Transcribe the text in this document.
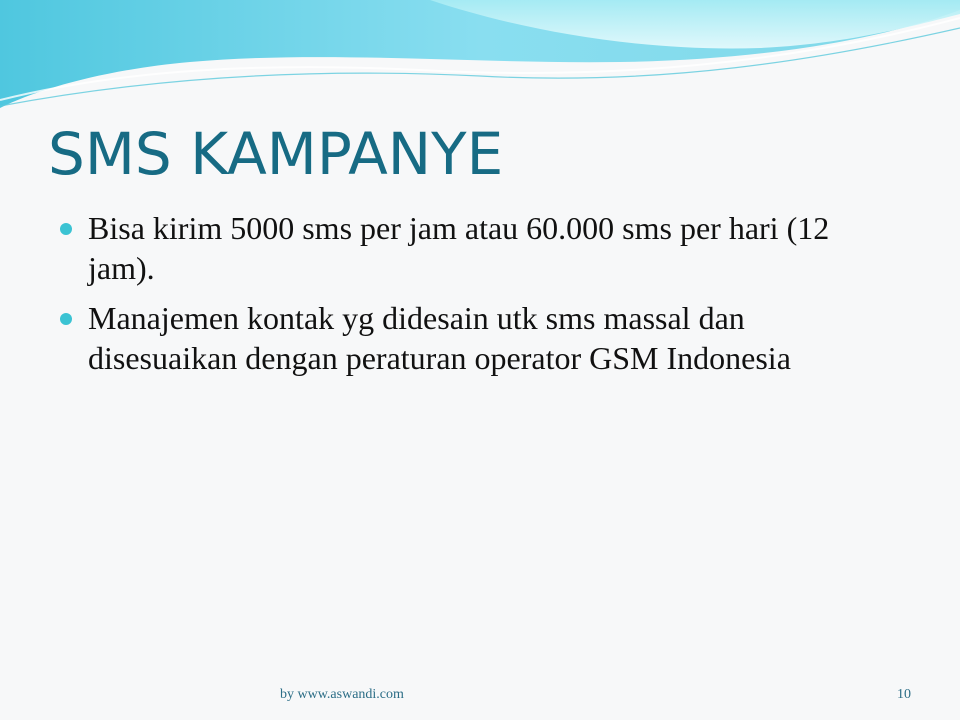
SMS KAMPANYE
Bisa kirim 5000 sms per jam atau 60.000 sms per hari (12 jam).
Manajemen kontak yg didesain utk sms massal dan disesuaikan dengan peraturan operator GSM Indonesia
by www.aswandi.com	10
